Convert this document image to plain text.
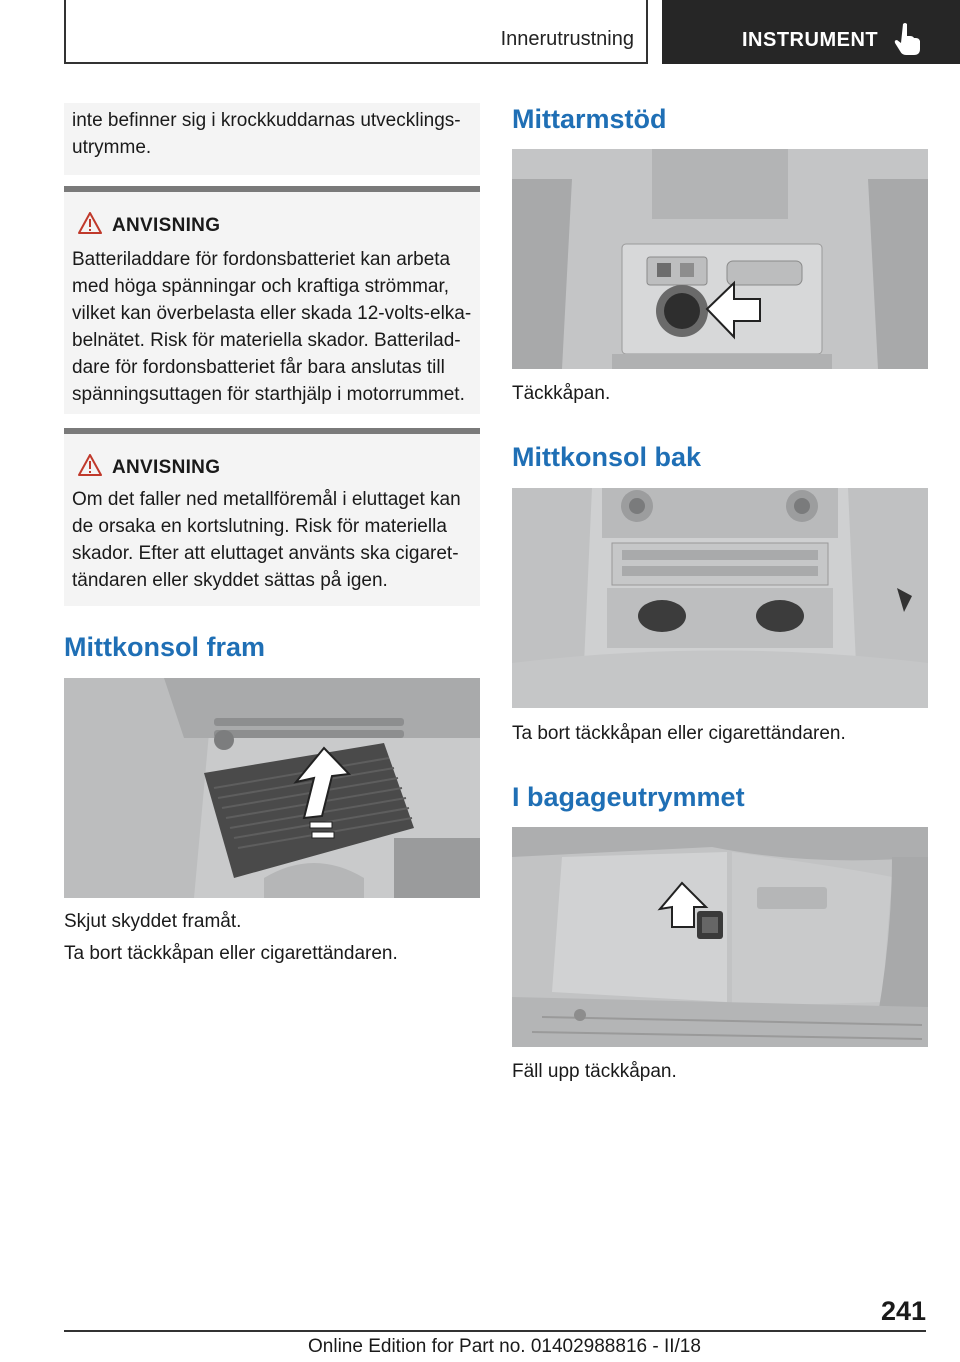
Innerutrustning	INSTRUMENT

inte befinner sig i krockkuddarnas utvecklings-utrymme.

ANVISNING

Batteriladdare för fordonsbatteriet kan arbeta med höga spänningar och kraftiga strömmar, vilket kan överbelasta eller skada 12-volts-elka-belnätet. Risk för materiella skador. Batterilad-dare för fordonsbatteriet får bara anslutas till spänningsuttagen för starthjälp i motorrummet.

ANVISNING

Om det faller ned metallföremål i eluttaget kan de orsaka en kortslutning. Risk för materiella skador. Efter att eluttaget använts ska cigaret-tändaren eller skyddet sättas på igen.

Mittkonsol fram

Skjut skyddet framåt.

Ta bort täckkåpan eller cigarettändaren.

Mittarmstöd

Täckkåpan.

Mittkonsol bak

Ta bort täckkåpan eller cigarettändaren.

I bagageutrymmet

Fäll upp täckkåpan.

241
Online Edition for Part no. 01402988816 - II/18
